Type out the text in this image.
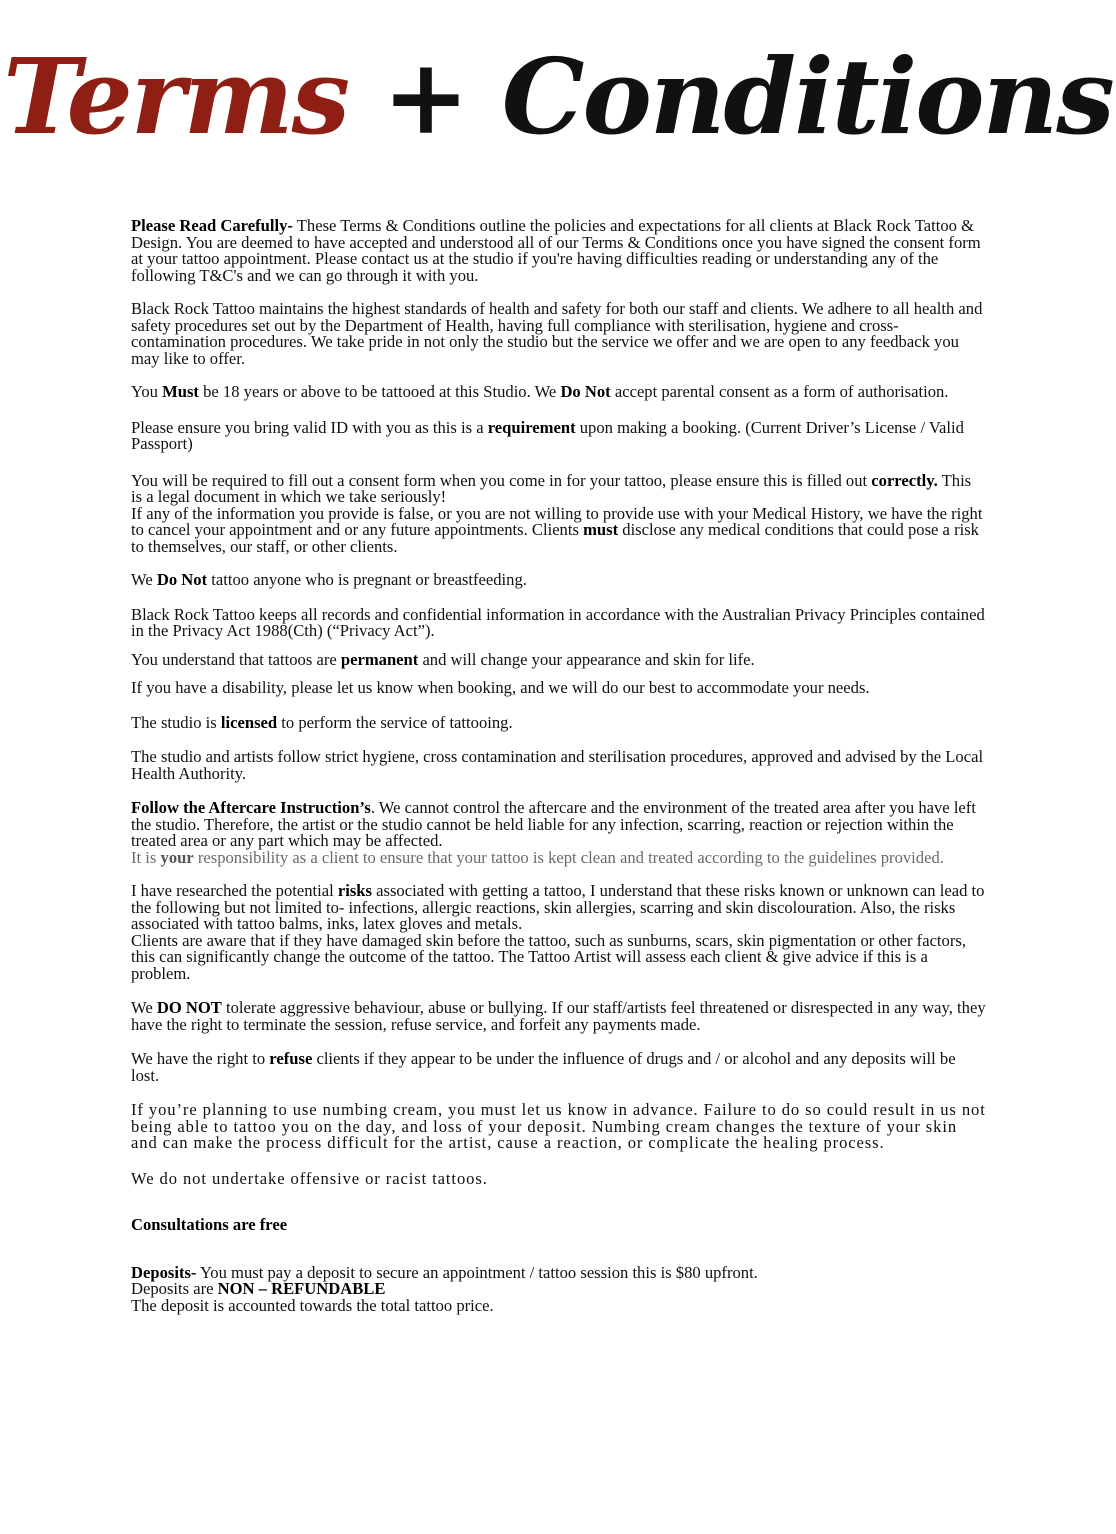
Terms + Conditions

Please Read Carefully- These Terms & Conditions outline the policies and expectations for all clients at Black Rock Tattoo & Design. You are deemed to have accepted and understood all of our Terms & Conditions once you have signed the consent form at your tattoo appointment. Please contact us at the studio if you're having difficulties reading or understanding any of the following T&C's and we can go through it with you.

Black Rock Tattoo maintains the highest standards of health and safety for both our staff and clients. We adhere to all health and safety procedures set out by the Department of Health, having full compliance with sterilisation, hygiene and cross-contamination procedures. We take pride in not only the studio but the service we offer and we are open to any feedback you may like to offer.

You Must be 18 years or above to be tattooed at this Studio. We Do Not accept parental consent as a form of authorisation.

Please ensure you bring valid ID with you as this is a requirement upon making a booking. (Current Driver’s License / Valid Passport)

You will be required to fill out a consent form when you come in for your tattoo, please ensure this is filled out correctly. This is a legal document in which we take seriously!

If any of the information you provide is false, or you are not willing to provide use with your Medical History, we have the right to cancel your appointment and or any future appointments. Clients must disclose any medical conditions that could pose a risk to themselves, our staff, or other clients.

We Do Not tattoo anyone who is pregnant or breastfeeding.

Black Rock Tattoo keeps all records and confidential information in accordance with the Australian Privacy Principles contained in the Privacy Act 1988(Cth) (“Privacy Act”).

You understand that tattoos are permanent and will change your appearance and skin for life.

If you have a disability, please let us know when booking, and we will do our best to accommodate your needs.

The studio is licensed to perform the service of tattooing.

The studio and artists follow strict hygiene, cross contamination and sterilisation procedures, approved and advised by the Local Health Authority.

Follow the Aftercare Instruction’s. We cannot control the aftercare and the environment of the treated area after you have left the studio. Therefore, the artist or the studio cannot be held liable for any infection, scarring, reaction or rejection within the treated area or any part which may be affected.

It is your responsibility as a client to ensure that your tattoo is kept clean and treated according to the guidelines provided.

I have researched the potential risks associated with getting a tattoo, I understand that these risks known or unknown can lead to the following but not limited to- infections, allergic reactions, skin allergies, scarring and skin discolouration. Also, the risks associated with tattoo balms, inks, latex gloves and metals.

Clients are aware that if they have damaged skin before the tattoo, such as sunburns, scars, skin pigmentation or other factors, this can significantly change the outcome of the tattoo. The Tattoo Artist will assess each client & give advice if this is a problem.

We DO NOT tolerate aggressive behaviour, abuse or bullying. If our staff/artists feel threatened or disrespected in any way, they have the right to terminate the session, refuse service, and forfeit any payments made.

We have the right to refuse clients if they appear to be under the influence of drugs and / or alcohol and any deposits will be lost.

If you’re planning to use numbing cream, you must let us know in advance. Failure to do so could result in us not being able to tattoo you on the day, and loss of your deposit. Numbing cream changes the texture of your skin and can make the process difficult for the artist, cause a reaction, or complicate the healing process.

We do not undertake offensive or racist tattoos.

Consultations are free

Deposits- You must pay a deposit to secure an appointment / tattoo session this is $80 upfront.

Deposits are NON – REFUNDABLE

The deposit is accounted towards the total tattoo price.
